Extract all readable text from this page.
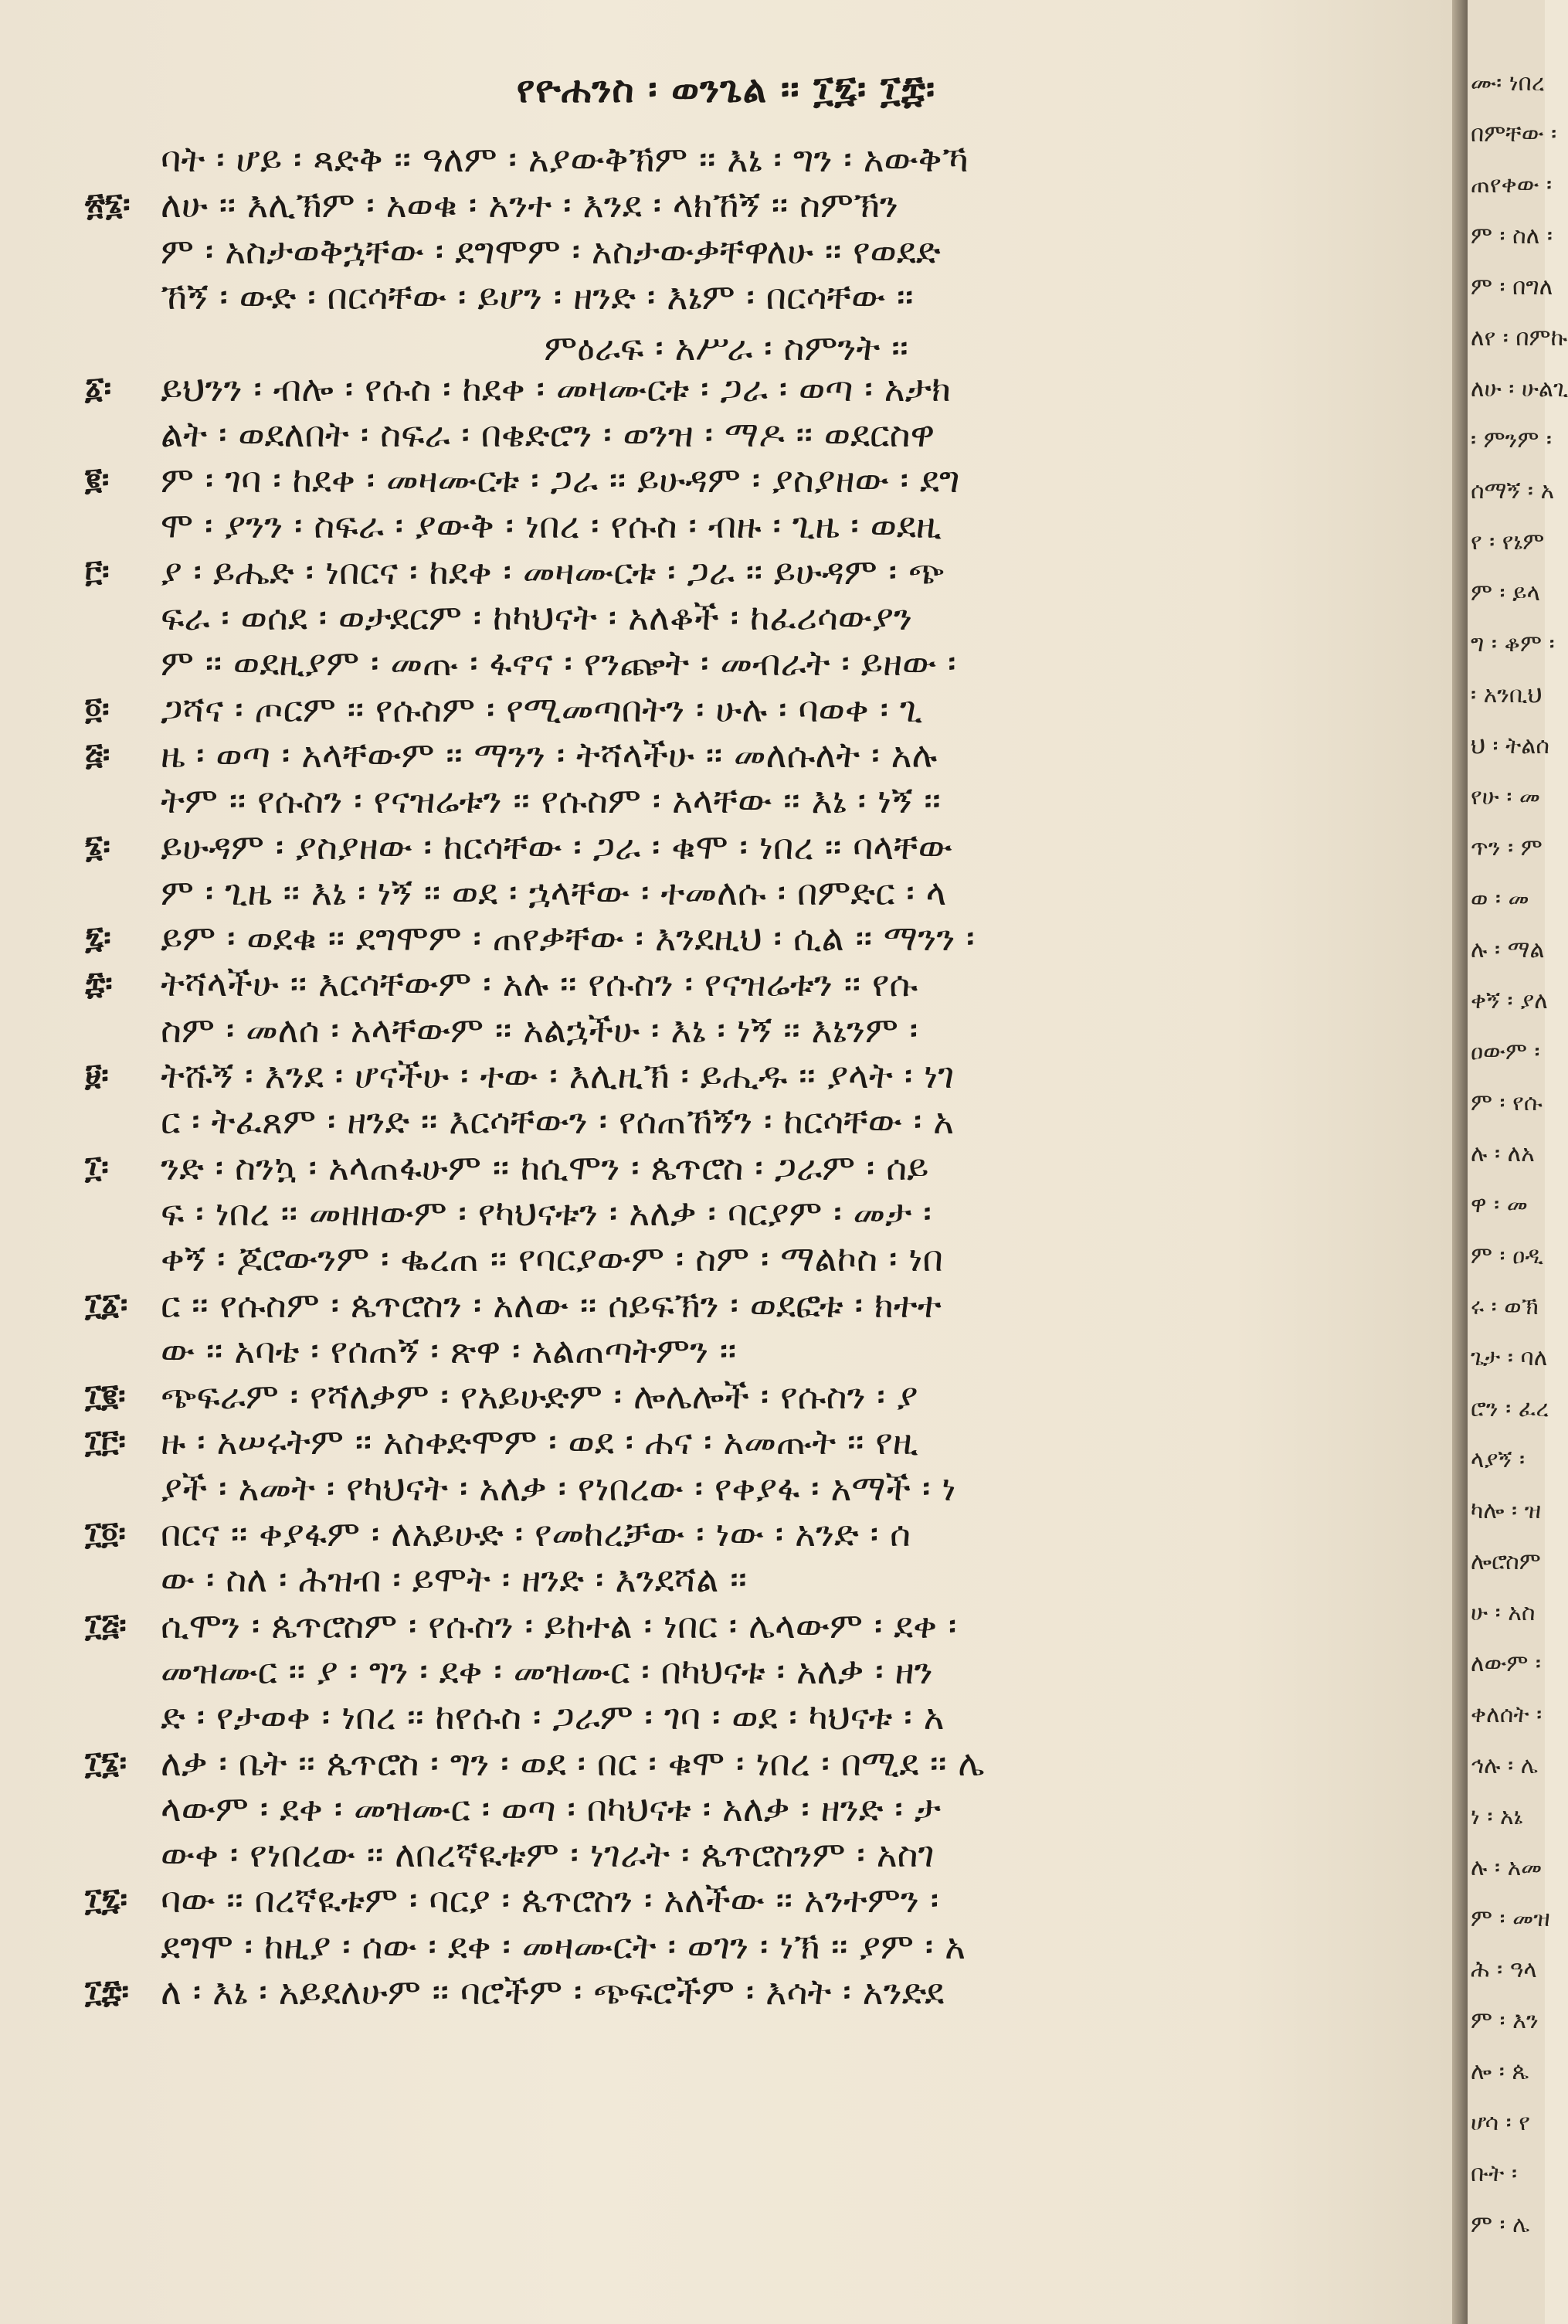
የዮሐንስ ፡ ወንጌል ፡፡ ፲፯፡ ፲፰፡
ባት ፡ ሆይ ፡ ጻድቅ ፡፡ ዓለም ፡ አያውቅኽም ፡፡ እኔ ፡ ግን ፡ አውቅኻ
፳፮፡ ለሁ ፡፡ እሊኽም ፡ አወቁ ፡ አንተ ፡ እንደ ፡ ላክኸኝ ፡፡ ስምኽን
ም ፡ አስታወቅኋቸው ፡ ደግሞም ፡ አስታውቃቸዋለሁ ፡፡ የወደድ
ኸኝ ፡ ውድ ፡ በርሳቸው ፡ ይሆን ፡ ዘንድ ፡ እኔም ፡ በርሳቸው ፡፡
፩፡	ይህንን ፡ ብሎ ፡ የሱስ ፡ ከደቀ ፡ መዛሙርቱ ፡ ጋራ ፡ ወጣ ፡ አታክ
ልት ፡ ወደለበት ፡ ስፍራ ፡ በቄድሮን ፡ ወንዝ ፡ ማዶ ፡፡ ወደርስዋ
፪፡	ም ፡ ገባ ፡ ከደቀ ፡ መዛሙርቱ ፡ ጋራ ፡፡ ይሁዳም ፡ ያስያዘው ፡ ደግ
ሞ ፡ ያንን ፡ ስፍራ ፡ ያውቅ ፡ ነበረ ፡ የሱስ ፡ ብዙ ፡ ጊዜ ፡ ወደዚ
፫፡	ያ ፡ ይሔድ ፡ ነበርና ፡ ከደቀ ፡ መዛሙርቱ ፡ ጋራ ፡፡ ይሁዳም ፡ ጭ
ፍራ ፡ ወሰደ ፡ ወታደርም ፡ ከካህናት ፡ አለቆች ፡ ከፈሪሳውያን
ም ፡፡ ወደዚያም ፡ መጡ ፡ ፋኖና ፡ የንጬት ፡ መብራት ፡ ይዘው ፡
፬፡	ጋሻና ፡ ጦርም ፡፡ የሱስም ፡ የሚመጣበትን ፡ ሁሉ ፡ ባወቀ ፡ ጊ
፭፡	ዜ ፡ ወጣ ፡ አላቸውም ፡፡ ማንን ፡ ትሻላችሁ ፡፡ መለሱለት ፡ አሉ
ትም ፡፡ የሱስን ፡ የናዝሬቱን ፡፡ የሱስም ፡ አላቸው ፡፡ እኔ ፡ ነኝ ፡፡
፮፡	ይሁዳም ፡ ያስያዘው ፡ ከርሳቸው ፡ ጋራ ፡ ቁሞ ፡ ነበረ ፡፡ ባላቸው
ም ፡ ጊዜ ፡፡ እኔ ፡ ነኝ ፡፡ ወደ ፡ ኋላቸው ፡ ተመለሱ ፡ በምድር ፡ ላ
፯፡	ይም ፡ ወደቁ ፡፡ ደግሞም ፡ ጠየቃቸው ፡ እንደዚህ ፡ ሲል ፡፡ ማንን ፡
፰፡	ትሻላችሁ ፡፡ እርሳቸውም ፡ አሉ ፡፡ የሱስን ፡ የናዝሬቱን ፡፡ የሱ
ስም ፡ መለሰ ፡ አላቸውም ፡፡ አልኋችሁ ፡ እኔ ፡ ነኝ ፡፡ እኔንም ፡
፱፡	ትሹኝ ፡ እንደ ፡ ሆናችሁ ፡ ተው ፡ እሊዚኽ ፡ ይሒዱ ፡፡ ያላት ፡ ነገ
ር ፡ ትፈጸም ፡ ዘንድ ፡፡ እርሳቸውን ፡ የሰጠኸኝን ፡ ከርሳቸው ፡ አ
፲፡	ንድ ፡ ስንኳ ፡ አላጠፋሁም ፡፡ ከሲሞን ፡ ጴጥሮስ ፡ ጋራም ፡ ሰይ
ፍ ፡ ነበረ ፡፡ መዘዘውም ፡ የካህናቱን ፡ አለቃ ፡ ባርያም ፡ መታ ፡
ቀኝ ፡ ጆሮውንም ፡ ቈረጠ ፡፡ የባርያውም ፡ ስም ፡ ማልኮስ ፡ ነበ
፲፩፡ ር ፡፡ የሱስም ፡ ጴጥሮስን ፡ አለው ፡፡ ሰይፍኽን ፡ ወደፎቱ ፡ ክተተ
ው ፡፡ አባቴ ፡ የሰጠኝ ፡ ጽዋ ፡ አልጠጣትምን ፡፡
፲፪፡ ጭፍራም ፡ የሻለቃም ፡ የአይሁድም ፡ ሎሌሎች ፡ የሱስን ፡ ያ
፲፫፡ ዙ ፡ አሠሩትም ፡፡ አስቀድሞም ፡ ወደ ፡ ሐና ፡ አመጡት ፡፡ የዚ
ያች ፡ አመት ፡ የካህናት ፡ አለቃ ፡ የነበረው ፡ የቀያፋ ፡ አማች ፡ ነ
፲፬፡ በርና ፡፡ ቀያፋም ፡ ለአይሁድ ፡ የመከረቻው ፡ ነው ፡ አንድ ፡ ሰ
ው ፡ ስለ ፡ ሕዝብ ፡ ይሞት ፡ ዘንድ ፡ እንደሻል ፡፡
፲፭፡ ሲሞን ፡ ጴጥሮስም ፡ የሱስን ፡ ይከተል ፡ ነበር ፡ ሌላውም ፡ ደቀ ፡
መዝሙር ፡፡ ያ ፡ ግን ፡ ደቀ ፡ መዝሙር ፡ በካህናቱ ፡ አለቃ ፡ ዘን
ድ ፡ የታወቀ ፡ ነበረ ፡፡ ከየሱስ ፡ ጋራም ፡ ገባ ፡ ወደ ፡ ካህናቱ ፡ አ
፲፮፡ ለቃ ፡ ቤት ፡፡ ጴጥሮስ ፡ ግን ፡ ወደ ፡ በር ፡ ቁሞ ፡ ነበረ ፡ በሚደ ፡፡ ሌ
ላውም ፡ ደቀ ፡ መዝሙር ፡ ወጣ ፡ በካህናቱ ፡ አለቃ ፡ ዘንድ ፡ ታ
ውቀ ፡ የነበረው ፡፡ ለበረኛዪቱም ፡ ነገራት ፡ ጴጥሮስንም ፡ አስገ
፲፯፡ ባው ፡፡ በረኛዪቱም ፡ ባርያ ፡ ጴጥሮስን ፡ አለችው ፡፡ አንተምን ፡
ደግሞ ፡ ከዚያ ፡ ሰው ፡ ደቀ ፡ መዛሙርት ፡ ወገን ፡ ነኽ ፡፡ ያም ፡ አ
፲፰፡ ለ ፡ እኔ ፡ አይደለሁም ፡፡ ባሮችም ፡ ጭፍሮችም ፡ እሳት ፡ አንድደ
ምዕራፍ ፡ አሥራ ፡ ስምንት ፡፡
ሙ፡ ነበረ
በምቸው ፡
ጠየቀው ፡
ም ፡ ስለ ፡
ም ፡ በግለ
ለየ ፡ በምኩ
ለሁ ፡ ሁልጊ
፡ ምንም ፡
ሰማኝ ፡ አ
የ ፡ የኔም
ም ፡ ይላ
ግ ፡ ቆም ፡
፡ አንቢህ
ህ ፡ ትልሰ
የሁ ፡ መ
ጥን ፡ ም
ወ ፡ መ
ሉ ፡ ማል
ቀኝ ፡ ያለ
ዐውም ፡
ም ፡ የሱ
ሉ ፡ ለአ
ዋ ፡ መ
ም ፡ ዐዲ
ሩ ፡ ወኽ
ጌታ ፡ ባለ
ሮን ፡ ፈረ
ላያኝ ፡
ካሎ ፡ ዝ
ሎሮስም
ሁ ፡ አስ
ለውም ፡
ቀለሰት ፡
ኅሉ ፡ ሌ
ነ ፡ አኔ
ሉ ፡ አመ
ም ፡ መዝ
ሕ ፡ ዓላ
ም ፡ እን
ሎ ፡ ጴ
ሆሳ ፡ የ
ቡት ፡
ም ፡ ሌ
